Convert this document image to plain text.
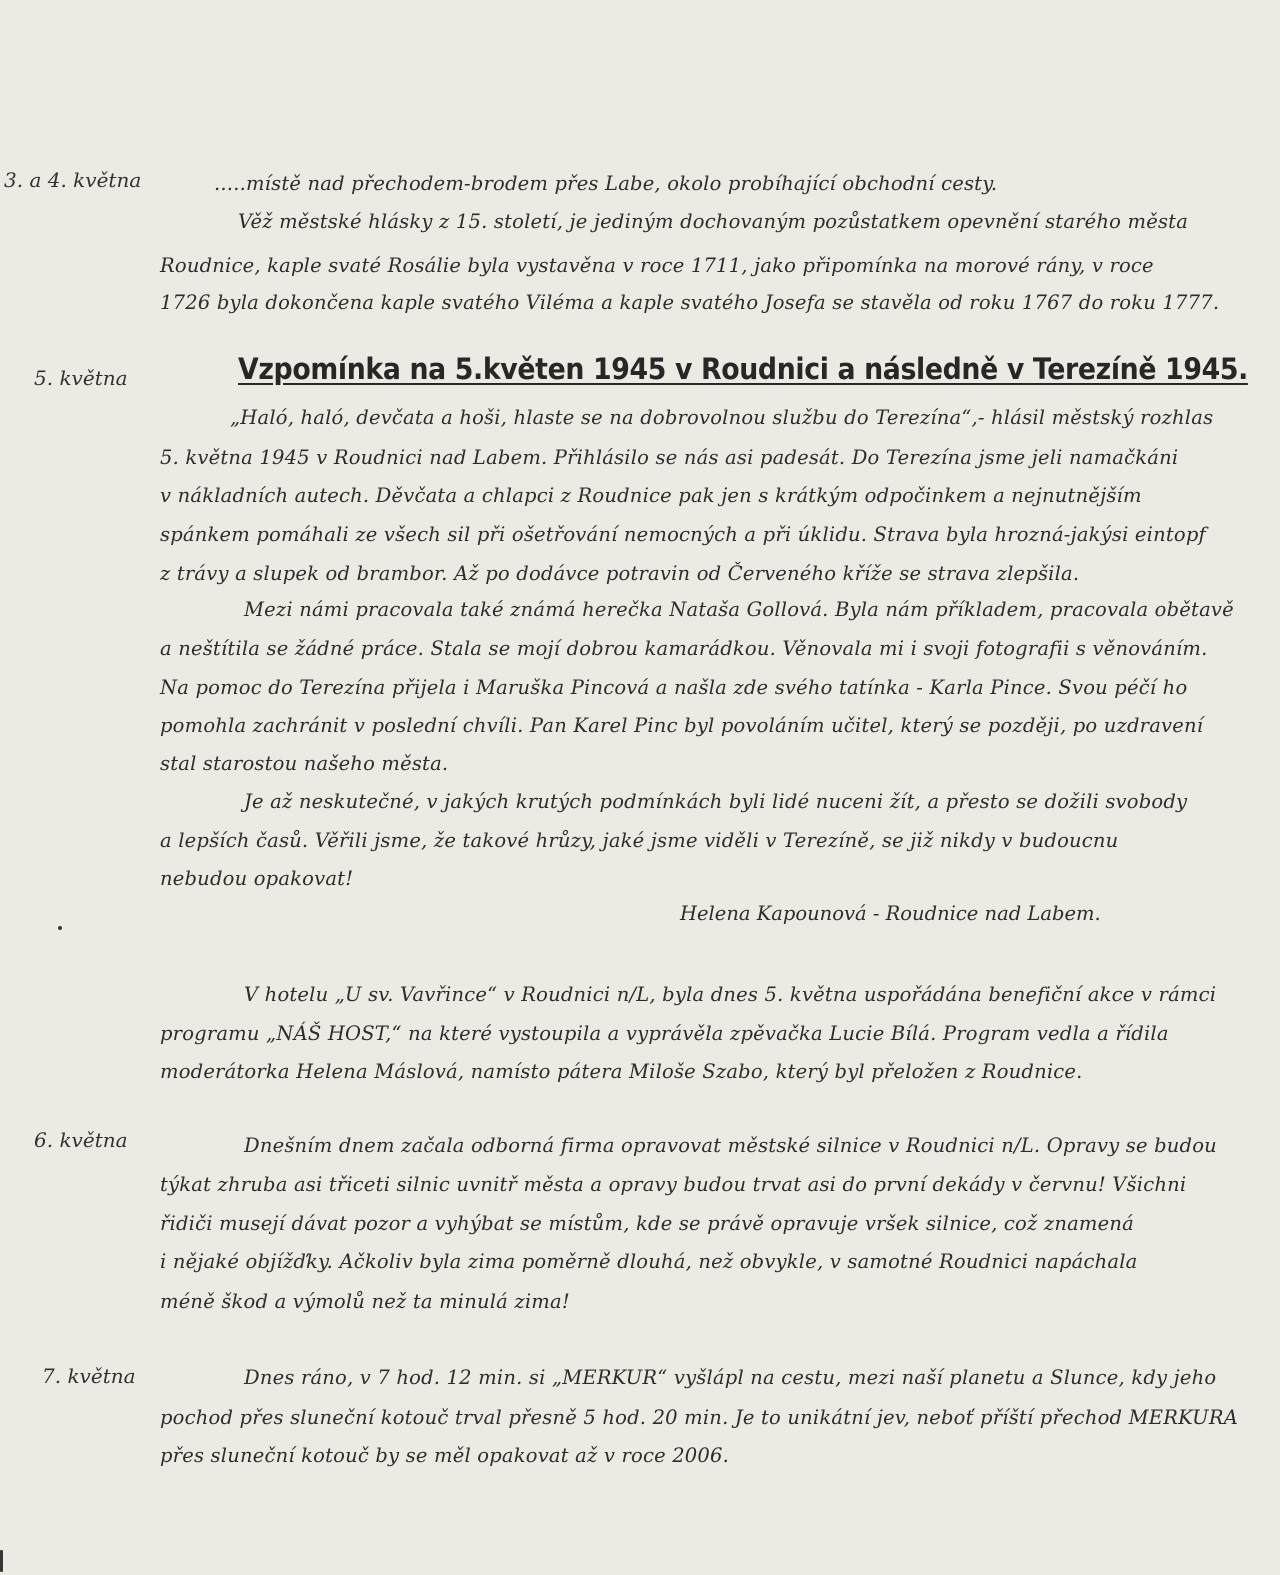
3. a 4. května	.....místě nad přechodem-brodem přes Labe, okolo probíhající obchodní cesty.
Věž městské hlásky z 15. století, je jediným dochovaným pozůstatkem opevnění starého města
Roudnice, kaple svaté Rosálie byla vystavěna v roce 1711, jako připomínka na morové rány, v roce
1726 byla dokončena kaple svatého Viléma a kaple svatého Josefa se stavěla od roku 1767 do roku 1777.
5. května	Vzpomínka na 5.květen 1945 v Roudnici a následně v Terezíně 1945.
„Haló, haló, devčata a hoši, hlaste se na dobrovolnou službu do Terezína“,- hlásil městský rozhlas
5. května 1945 v Roudnici nad Labem. Přihlásilo se nás asi padesát. Do Terezína jsme jeli namačkáni
v nákladních autech. Děvčata a chlapci z Roudnice pak jen s krátkým odpočinkem a nejnutnějším
spánkem pomáhali ze všech sil při ošetřování nemocných a při úklidu. Strava byla hrozná-jakýsi eintopf
z trávy a slupek od brambor. Až po dodávce potravin od Červeného kříže se strava zlepšila.
Mezi námi pracovala také známá herečka Nataša Gollová. Byla nám příkladem, pracovala obětavě
a neštítila se žádné práce. Stala se mojí dobrou kamarádkou. Věnovala mi i svoji fotografii s věnováním.
Na pomoc do Terezína přijela i Maruška Pincová a našla zde svého tatínka - Karla Pince. Svou péčí ho
pomohla zachránit v poslední chvíli. Pan Karel Pinc byl povoláním učitel, který se později, po uzdravení
stal starostou našeho města.
Je až neskutečné, v jakých krutých podmínkách byli lidé nuceni žít, a přesto se dožili svobody
a lepších časů. Věřili jsme, že takové hrůzy, jaké jsme viděli v Terezíně, se již nikdy v budoucnu
nebudou opakovat!
Helena Kapounová - Roudnice nad Labem.
V hotelu „U sv. Vavřince“ v Roudnici n/L, byla dnes 5. května uspořádána benefiční akce v rámci
programu „NÁŠ HOST,“ na které vystoupila a vyprávěla zpěvačka Lucie Bílá. Program vedla a řídila
moderátorka Helena Máslová, namísto pátera Miloše Szabo, který byl přeložen z Roudnice.
6. května	Dnešním dnem začala odborná firma opravovat městské silnice v Roudnici n/L. Opravy se budou
týkat zhruba asi třiceti silnic uvnitř města a opravy budou trvat asi do první dekády v červnu! Všichni
řidiči musejí dávat pozor a vyhýbat se místům, kde se právě opravuje vršek silnice, což znamená
i nějaké objížďky. Ačkoliv byla zima poměrně dlouhá, než obvykle, v samotné Roudnici napáchala
méně škod a výmolů než ta minulá zima!
7. května	Dnes ráno, v 7 hod. 12 min. si „MERKUR“ vyšlápl na cestu, mezi naší planetu a Slunce, kdy jeho
pochod přes sluneční kotouč trval přesně 5 hod. 20 min. Je to unikátní jev, neboť příští přechod MERKURA
přes sluneční kotouč by se měl opakovat až v roce 2006.
